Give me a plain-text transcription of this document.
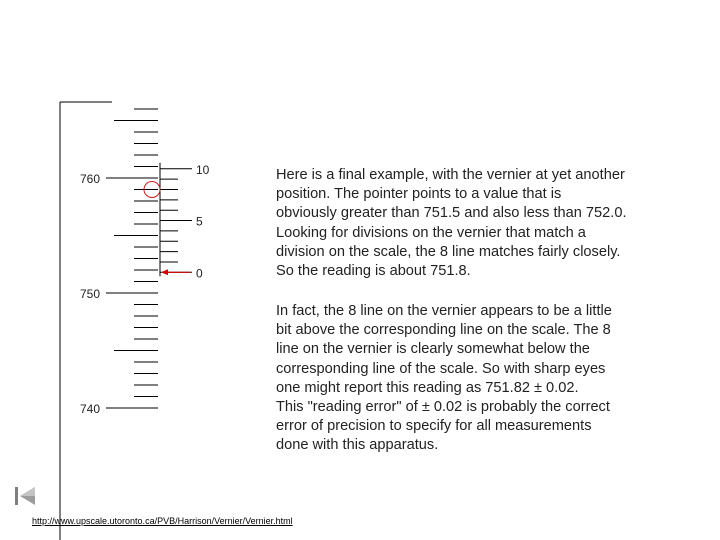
760
750
740
10
5
0

Here is a final example, with the vernier at yet another
position. The pointer points to a value that is
obviously greater than 751.5 and also less than 752.0.
Looking for divisions on the vernier that match a
division on the scale, the 8 line matches fairly closely.
So the reading is about 751.8.

In fact, the 8 line on the vernier appears to be a little
bit above the corresponding line on the scale. The 8
line on the vernier is clearly somewhat below the
corresponding line of the scale. So with sharp eyes
one might report this reading as 751.82 ± 0.02.
This "reading error" of ± 0.02 is probably the correct
error of precision to specify for all measurements
done with this apparatus.

http://www.upscale.utoronto.ca/PVB/Harrison/Vernier/Vernier.html
